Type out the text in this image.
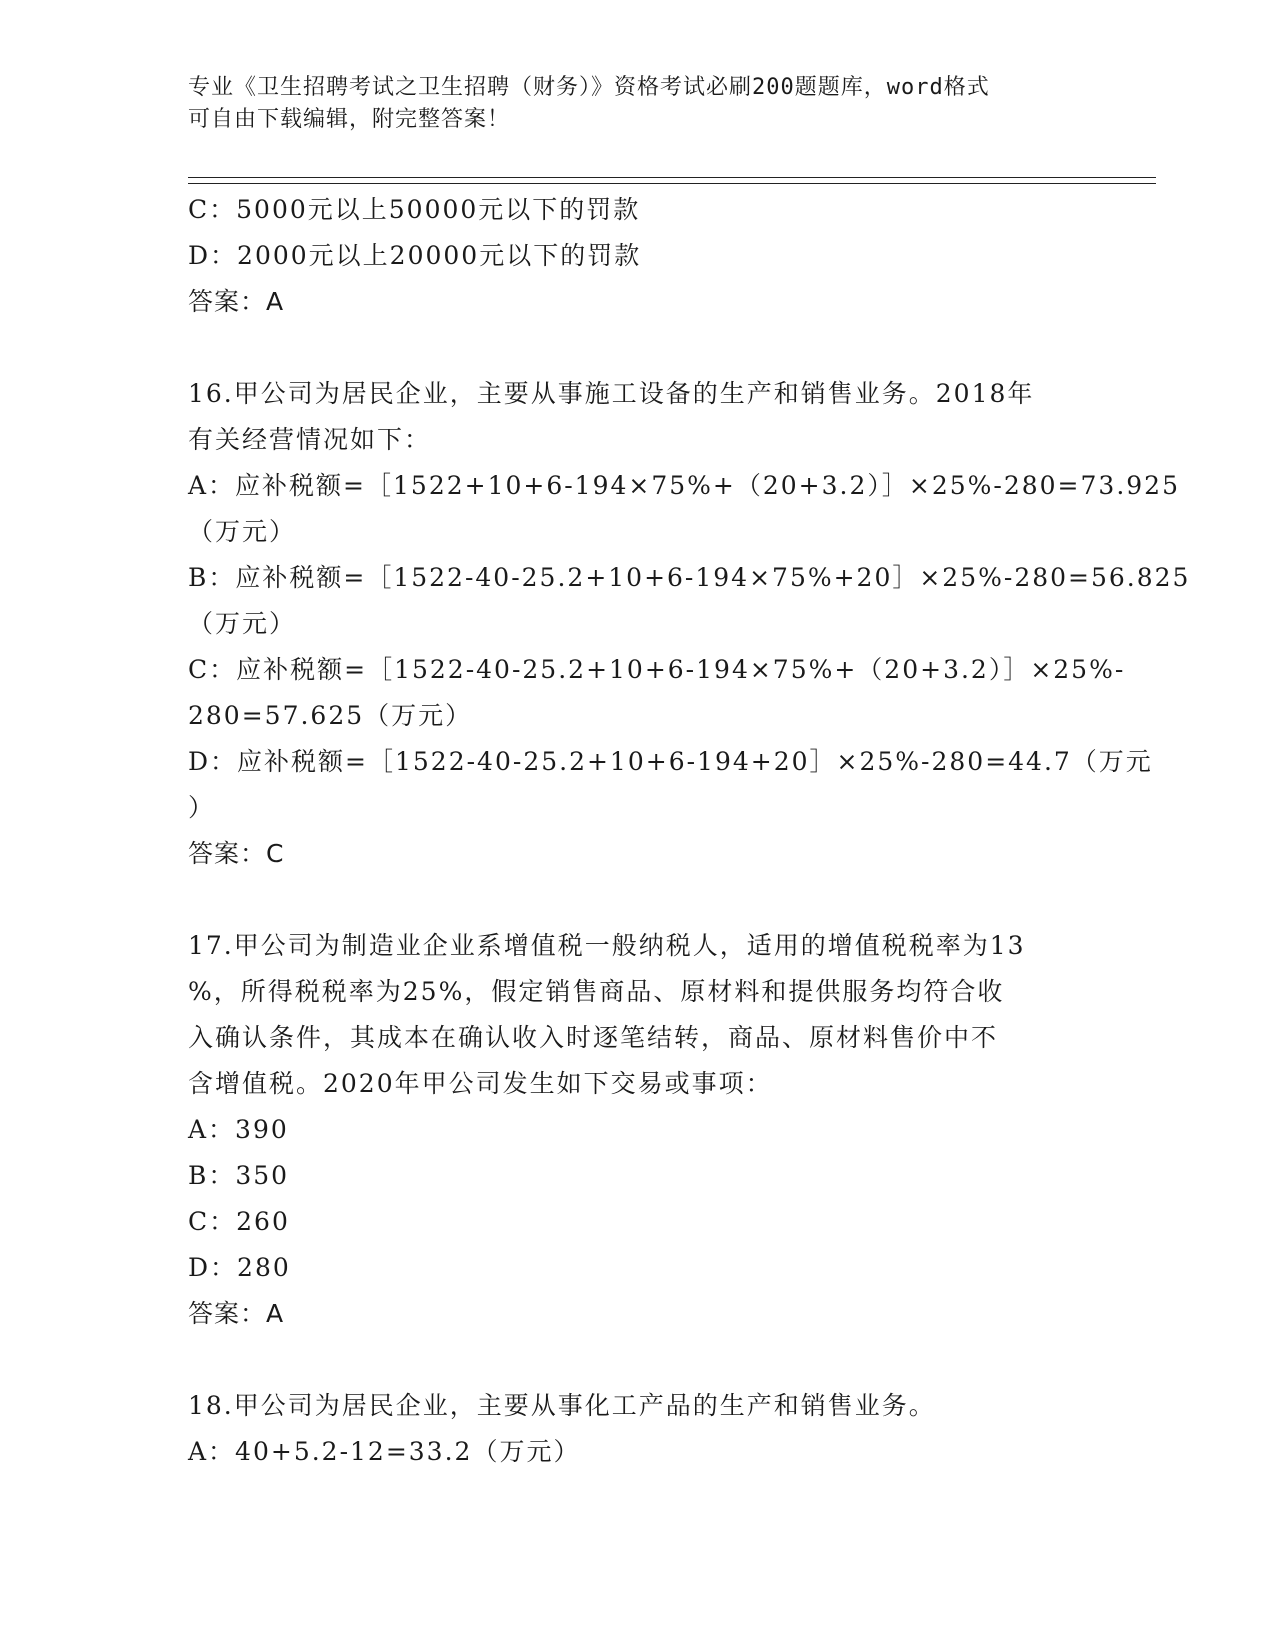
专业《卫生招聘考试之卫生招聘（财务）》资格考试必刷200题题库，word格式
可自由下载编辑，附完整答案！
C：5000元以上50000元以下的罚款
D：2000元以上20000元以下的罚款
答案：A
16.甲公司为居民企业，主要从事施工设备的生产和销售业务。2018年
有关经营情况如下：
A：应补税额=［1522+10+6-194×75%+（20+3.2）］×25%-280=73.925
（万元）
B：应补税额=［1522-40-25.2+10+6-194×75%+20］×25%-280=56.825
（万元）
C：应补税额=［1522-40-25.2+10+6-194×75%+（20+3.2）］×25%-
280=57.625（万元）
D：应补税额=［1522-40-25.2+10+6-194+20］×25%-280=44.7（万元
）
答案：C
17.甲公司为制造业企业系增值税一般纳税人，适用的增值税税率为13
%，所得税税率为25%，假定销售商品、原材料和提供服务均符合收
入确认条件，其成本在确认收入时逐笔结转，商品、原材料售价中不
含增值税。2020年甲公司发生如下交易或事项：
A：390
B：350
C：260
D：280
答案：A
18.甲公司为居民企业，主要从事化工产品的生产和销售业务。
A：40+5.2-12=33.2（万元）
